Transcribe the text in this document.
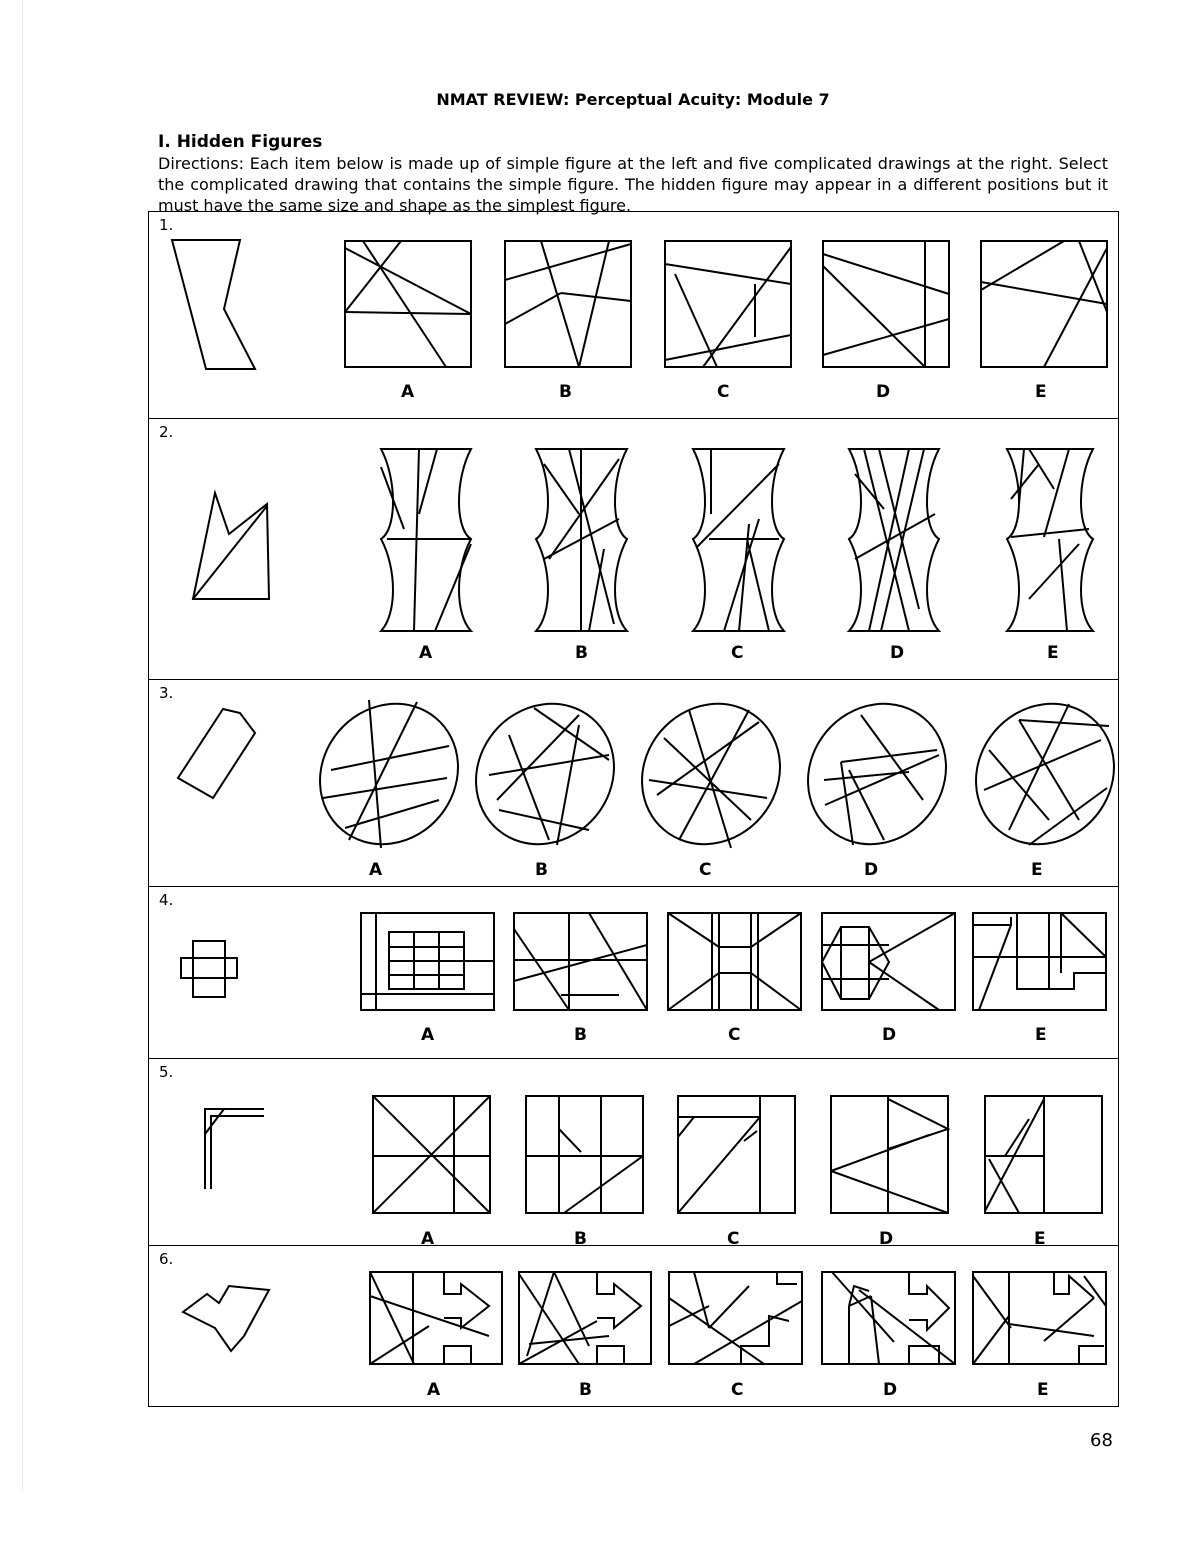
NMAT REVIEW: Perceptual Acuity: Module 7
I. Hidden Figures
Directions: Each item below is made up of simple figure at the left and five complicated drawings at the right. Select the complicated drawing that contains the simple figure. The hidden figure may appear in a different positions but it must have the same size and shape as the simplest figure.
1.
A	B	C	D	E
2.
A	B	C	D	E
3.
A	B	C	D	E
4.
A	B	C	D	E
5.
A	B	C	D	E
6.
A	B	C	D	E
68
